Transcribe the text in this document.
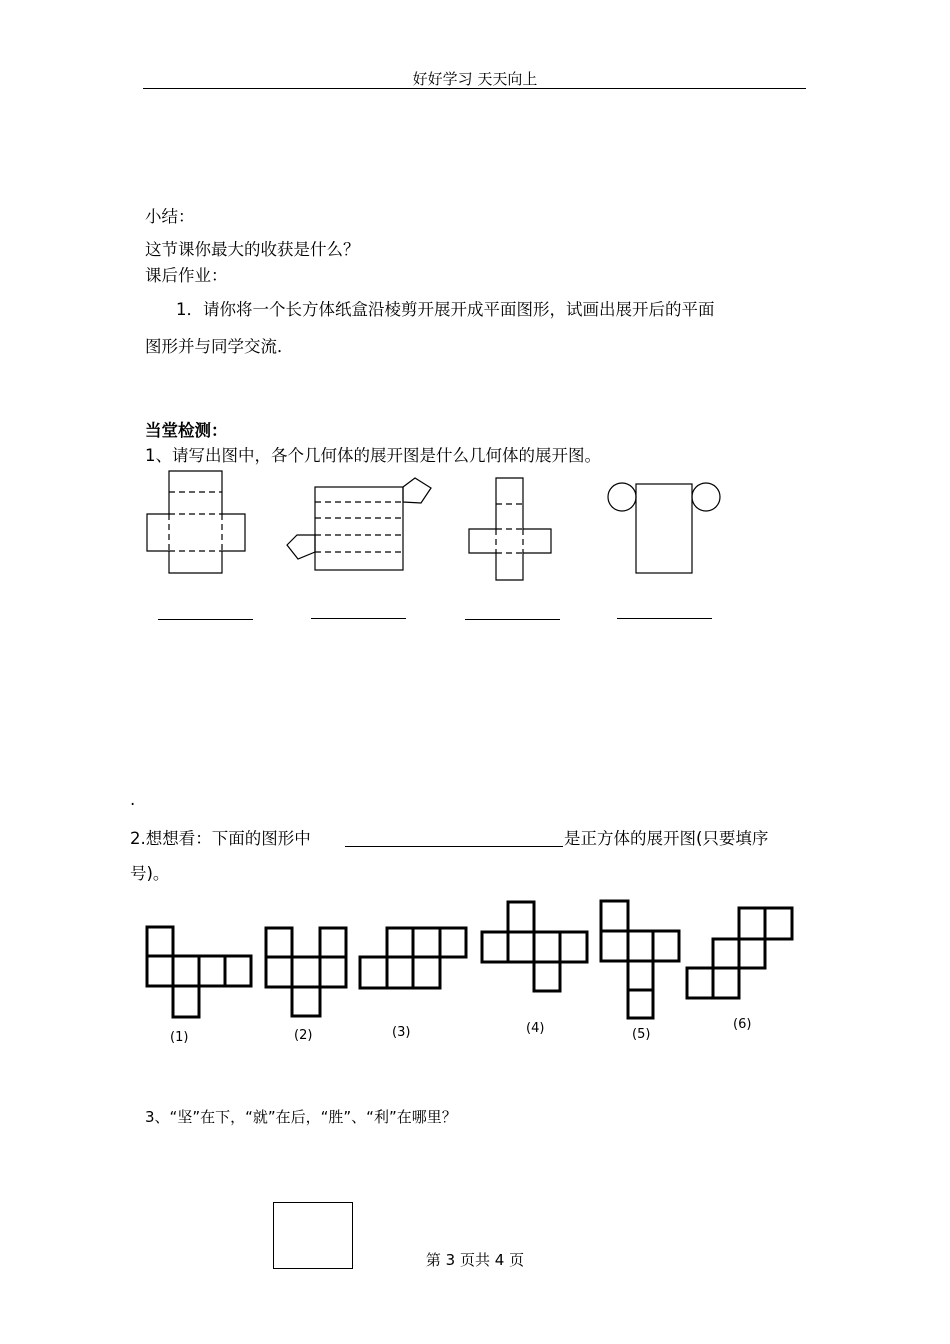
好好学习 天天向上
小结：
这节课你最大的收获是什么？
课后作业：
1．请你将一个长方体纸盒沿棱剪开展开成平面图形，试画出展开后的平面
图形并与同学交流．
当堂检测：
1、请写出图中，各个几何体的展开图是什么几何体的展开图。
.
2.想想看：下面的图形中	是正方体的展开图(只要填序
号)。
(1)	(2)	(3)	(4)	(5)
(6)
3、“坚”在下，“就”在后，“胜”、“利”在哪里？
第 3 页共 4 页
